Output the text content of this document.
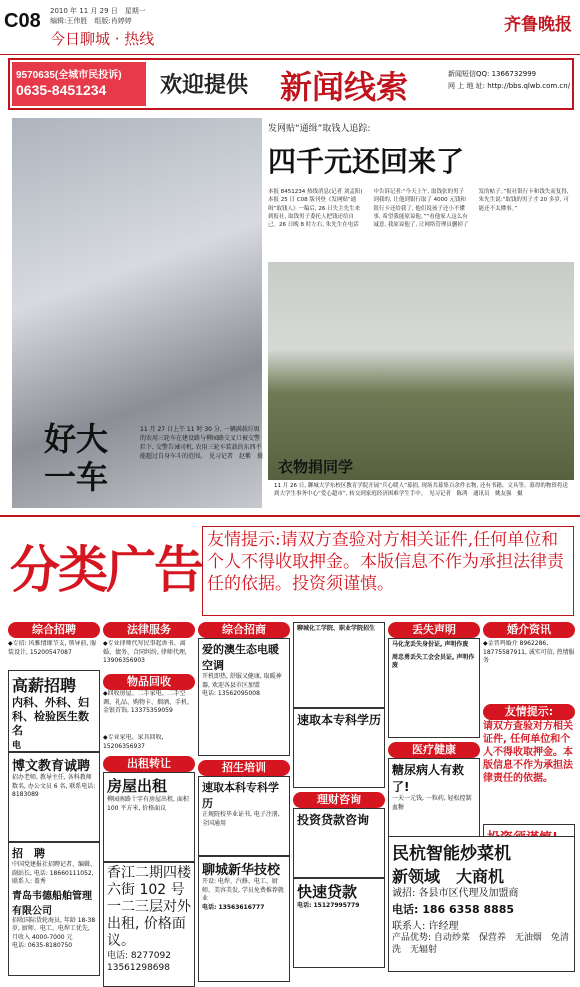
C08 2010 年 11 月 29 日　星期一
编辑:王伟胜　组版:肖婷婷
今日聊城 · 热线
齐鲁晚报
9570635(全城市民投诉)
0635-8451234 欢迎提供 新闻线索	新闻短信QQ: 1366732999
网 上 地 址: http://bbs.qlwb.com.cn/
好大一车
11 月 27 日上午 11 时 30 分, 一辆满载垃圾的农用三轮车在建设路与柳园路交叉口被交警拦下, 交警告诫司机, 农用三轮车装载的东西不能超过自身车斗的范围。　见习记者　赵紫　摄
发网贴“通缉”取钱人追踪:
四千元还回来了
本报 8451234 热线消息(记者 刘孟阳) 本报 25 日 C08 版刊登《发网贴“通缉”取钱人》一稿后, 26 日失主先生来到报社, 取钱男子委托人把钱还给自己。26 日晚 8 时左右, 朱先生在电话中告诉记者:“今天上午, 取钱张的男子到我的, 让他到银行取了 4000 元钱和银行卡还给我了, 他们说孩子还小不懂事, 希望我能原谅他。”“看他家人这么有诚意, 我原谅他了, 让网络管理员删掉了发的帖子。”报社银行卡和钱失而复得, 朱先生说:“取钱的男子才 20 多岁, 可能还不太懂事。”
衣物捐同学
11 月 26 日, 聊城大学东校区教育学院开展“兵心暖人”募捐, 现场共募集百余件衣物, 还有书籍、文具等。募得的物资将送到大学生事务中心“爱心超市”, 转交到家庭经济困难学生手中。　见习记者　陈鸿　通讯员　姚友强　摄
分类广告 友情提示:请双方查验对方相关证件,任何单位和个人不得收取押金。本版信息不作为承担法律责任的依据。投资须谨慎。
综合招聘
◆专招: 风雅情缘节支, 领导前, 服装设计, 15200547087
高薪招聘
内科、外科、妇科、检验医生数名
电
博文教育诚聘
招办老师, 教导主任, 各科教师数名, 办公文员 6 名, 联系电话: 8183089
招　聘
中国党建报社招聘记者、编辑、副站长, 电话: 18660111052, 联系人: 盖秀
青岛韦德船舶管理有限公司
招收国际货轮海员, 年龄 18-38 岁, 厨师、电工、电焊工优先, 月收入 4000-7000 元
电话: 0635-8180750
法律服务
◆专业律师代写民事起诉书、离婚、债务、合同纠纷, 律师代理, 13906356903
物品回收
◆回收房屋、二手家电、二手空调、礼品、购物卡、烟酒、手机、金银首饰, 13375359059
◆专业家电、家具回收, 15206356937
出租转让
房屋出租
柳园南路十字有房屋出租, 面积 100 平方米, 价格面议
香江二期四楼六街 102 号一二三层对外出租, 价格面议。
电话: 8277092　13561298698
综合招商
爱的澳生态电暖空调
开机即热, 舒服又健康, 取暖神器, 欢迎各县市区加盟
电话: 13562095008
招生培训
速取本科专科学历
正规院校毕业证书, 电子注册, 全国通用
聊城新华技校
开设: 电焊、汽修、电工、厨师、美容美发, 学员免费推荐就业
电话: 13563616777
聊城化工学院、职业学院招生
速取本专科学历
理财咨询
投资贷款咨询
快速贷款
电话: 15127995779
丢失声明
马化龙丢失身份证, 声明作废
周忠勇丢失工会会员证, 声明作废
医疗健康
糖尿病人有救了!
一天一元钱, 一粒药, 轻松控制血糖
婚介资讯
◆金晋鸡婚介 8962286, 18775587911, 诚实可信, 热情服务
友情提示:
请双方查验对方相关证件, 任何单位和个人不得收取押金。本版信息不作为承担法律责任的依据。
民杭智能炒菜机
新领域　大商机
诚招: 各县市区代理及加盟商
电话: 186 6358 8885
联系人: 许经理
产品优势: 自动炒菜　保营养　无油烟　免清洗　无辐射
